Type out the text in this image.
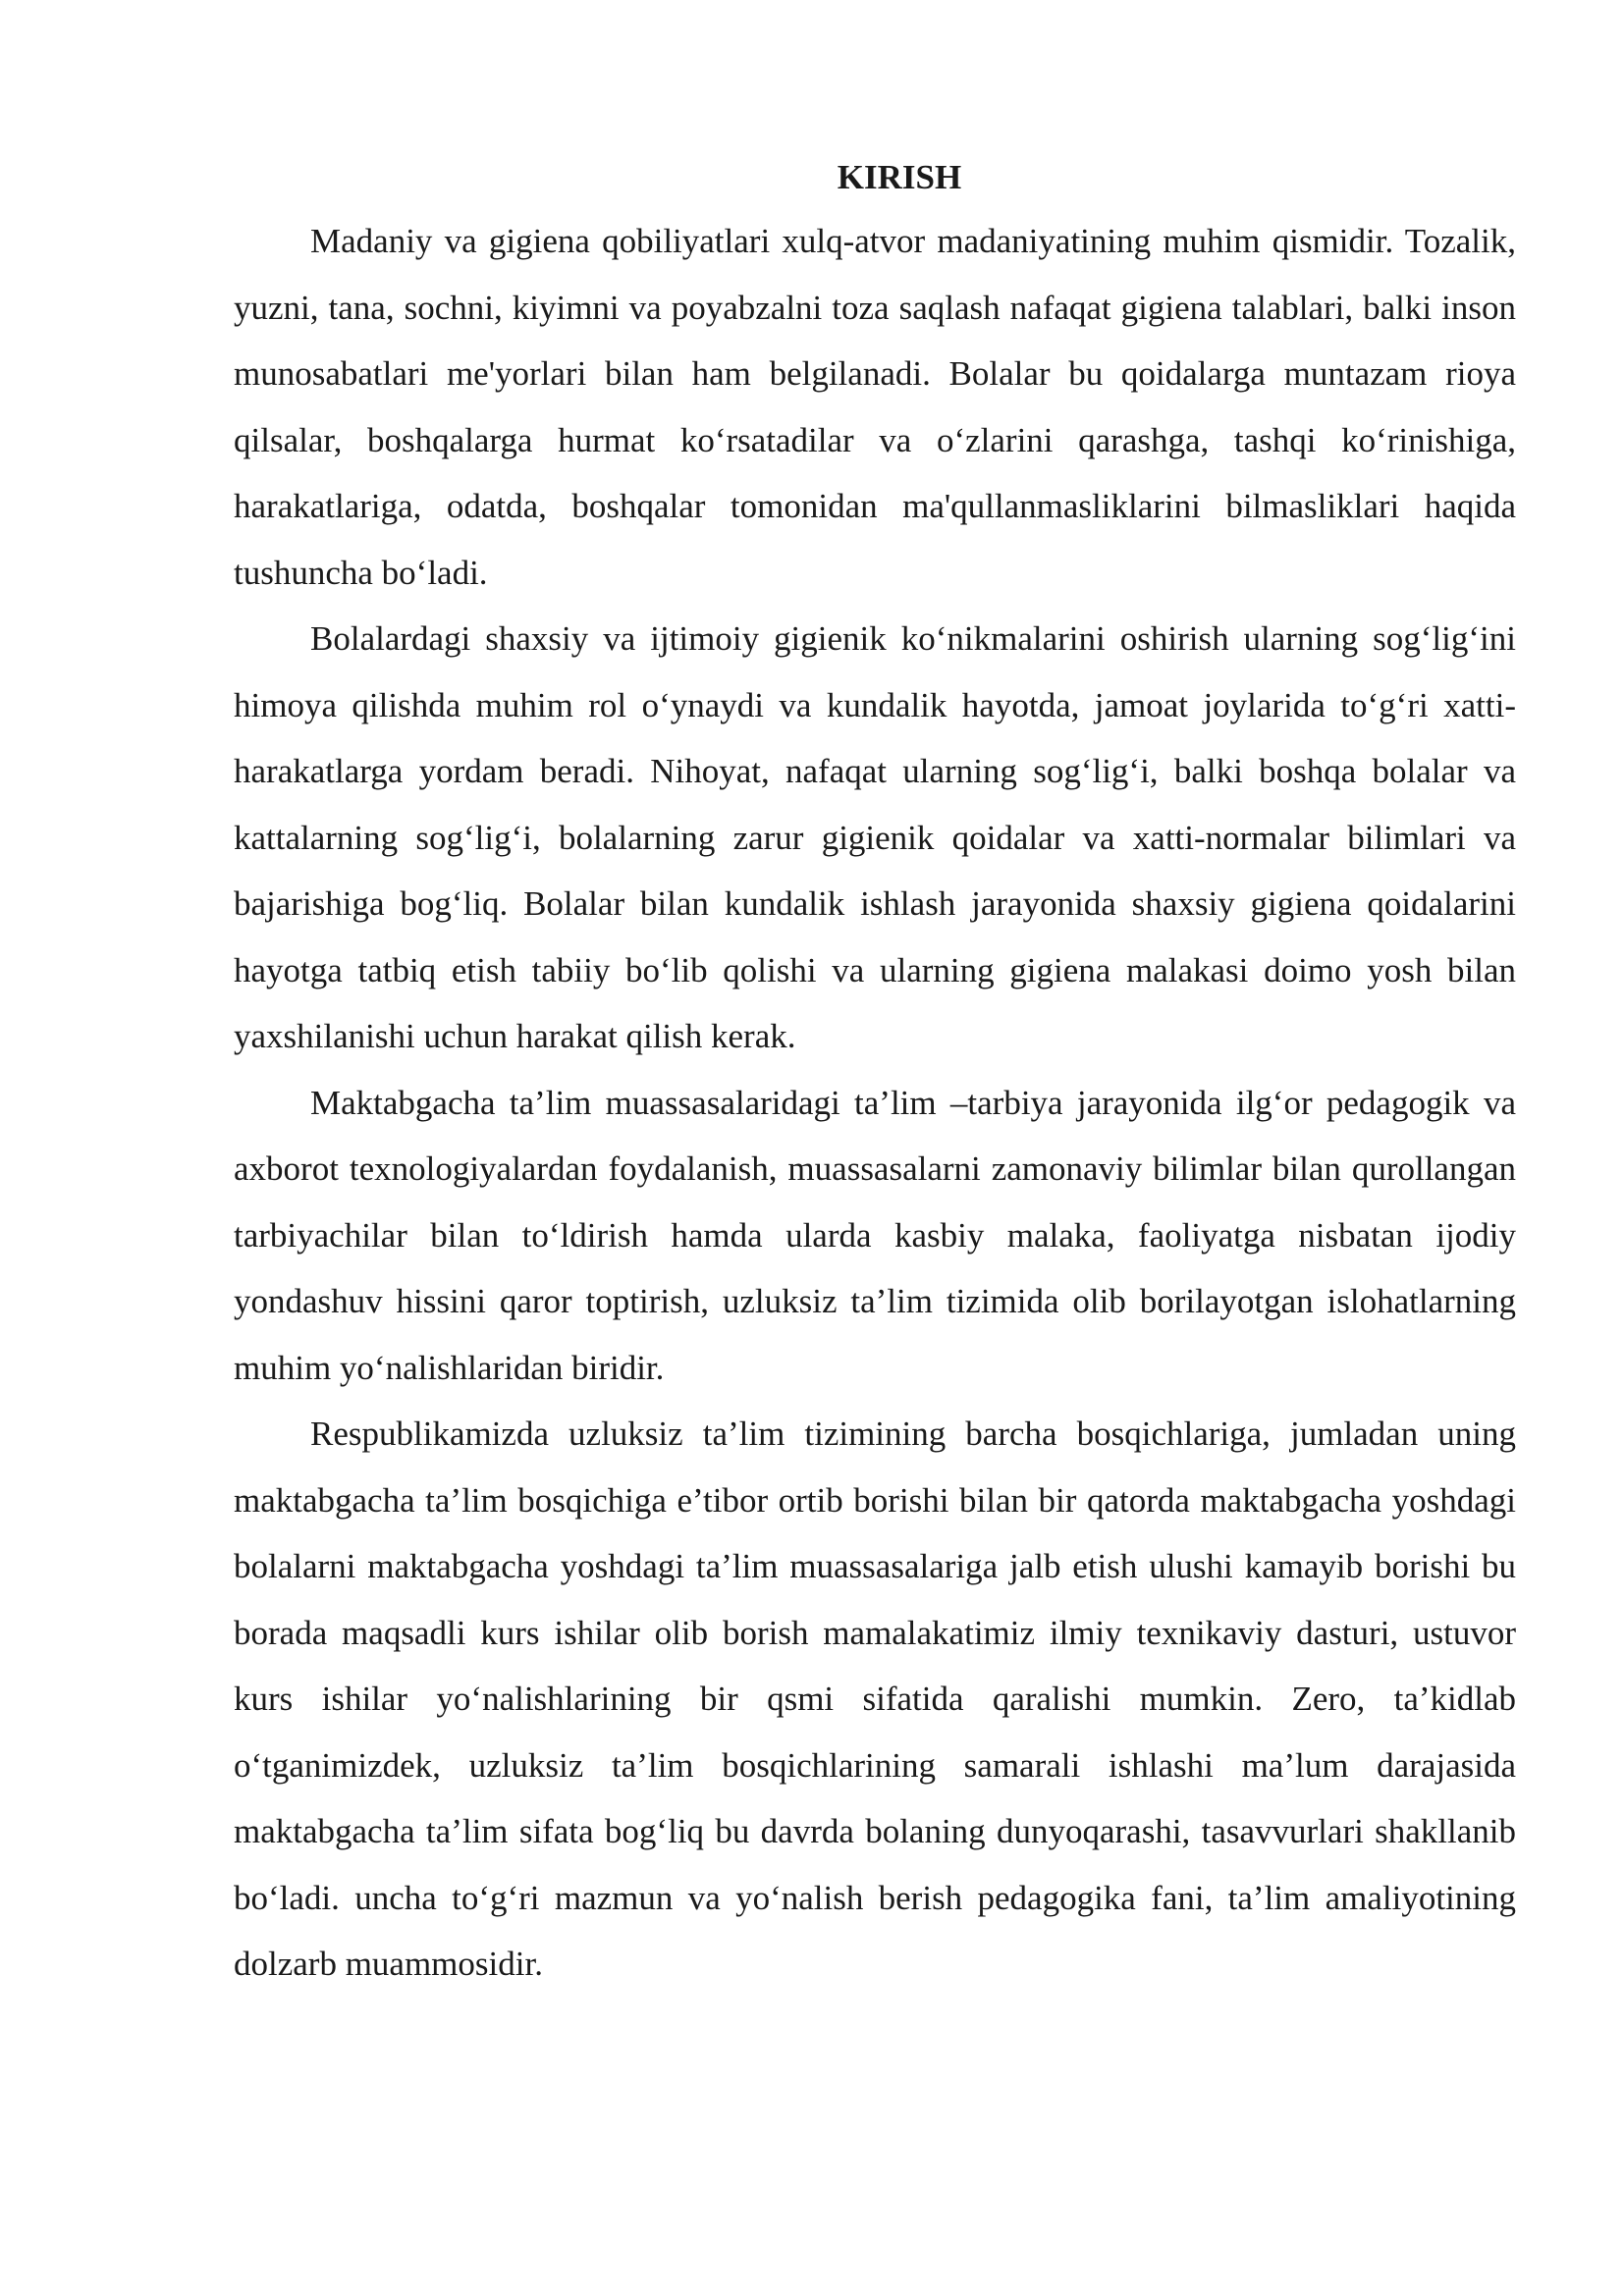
KIRISH

Madaniy va gigiena qobiliyatlari xulq-atvor madaniyatining muhim qismidir. Tozalik, yuzni, tana, sochni, kiyimni va poyabzalni toza saqlash nafaqat gigiena talablari, balki inson munosabatlari me'yorlari bilan ham belgilanadi. Bolalar bu qoidalarga muntazam rioya qilsalar, boshqalarga hurmat ko‘rsatadilar va o‘zlarini qarashga, tashqi ko‘rinishiga, harakatlariga, odatda, boshqalar tomonidan ma'qullanmasliklarini bilmasliklari haqida tushuncha bo‘ladi.

Bolalardagi shaxsiy va ijtimoiy gigienik ko‘nikmalarini oshirish ularning sog‘lig‘ini himoya qilishda muhim rol o‘ynaydi va kundalik hayotda, jamoat joylarida to‘g‘ri xatti-harakatlarga yordam beradi. Nihoyat, nafaqat ularning sog‘lig‘i, balki boshqa bolalar va kattalarning sog‘lig‘i, bolalarning zarur gigienik qoidalar va xatti-normalar bilimlari va bajarishiga bog‘liq. Bolalar bilan kundalik ishlash jarayonida shaxsiy gigiena qoidalarini hayotga tatbiq etish tabiiy bo‘lib qolishi va ularning gigiena malakasi doimo yosh bilan yaxshilanishi uchun harakat qilish kerak.

Maktabgacha ta’lim muassasalaridagi ta’lim –tarbiya jarayonida ilg‘or pedagogik va axborot texnologiyalardan foydalanish, muassasalarni zamonaviy bilimlar bilan qurollangan tarbiyachilar bilan to‘ldirish hamda ularda kasbiy malaka, faoliyatga nisbatan ijodiy yondashuv hissini qaror toptirish, uzluksiz ta’lim tizimida olib borilayotgan islohatlarning muhim yo‘nalishlaridan biridir.

Respublikamizda uzluksiz ta’lim tizimining barcha bosqichlariga, jumladan uning maktabgacha ta’lim bosqichiga e’tibor ortib borishi bilan bir qatorda maktabgacha yoshdagi bolalarni maktabgacha yoshdagi ta’lim muassasalariga jalb etish ulushi kamayib borishi bu borada maqsadli kurs ishilar olib borish mamalakatimiz ilmiy texnikaviy dasturi, ustuvor kurs ishilar yo‘nalishlarining bir qsmi sifatida qaralishi mumkin. Zero, ta’kidlab o‘tganimizdek, uzluksiz ta’lim bosqichlarining samarali ishlashi ma’lum darajasida maktabgacha ta’lim sifata bog‘liq bu davrda bolaning dunyoqarashi, tasavvurlari shakllanib bo‘ladi. uncha to‘g‘ri mazmun va yo‘nalish berish pedagogika fani, ta’lim amaliyotining dolzarb muammosidir.
